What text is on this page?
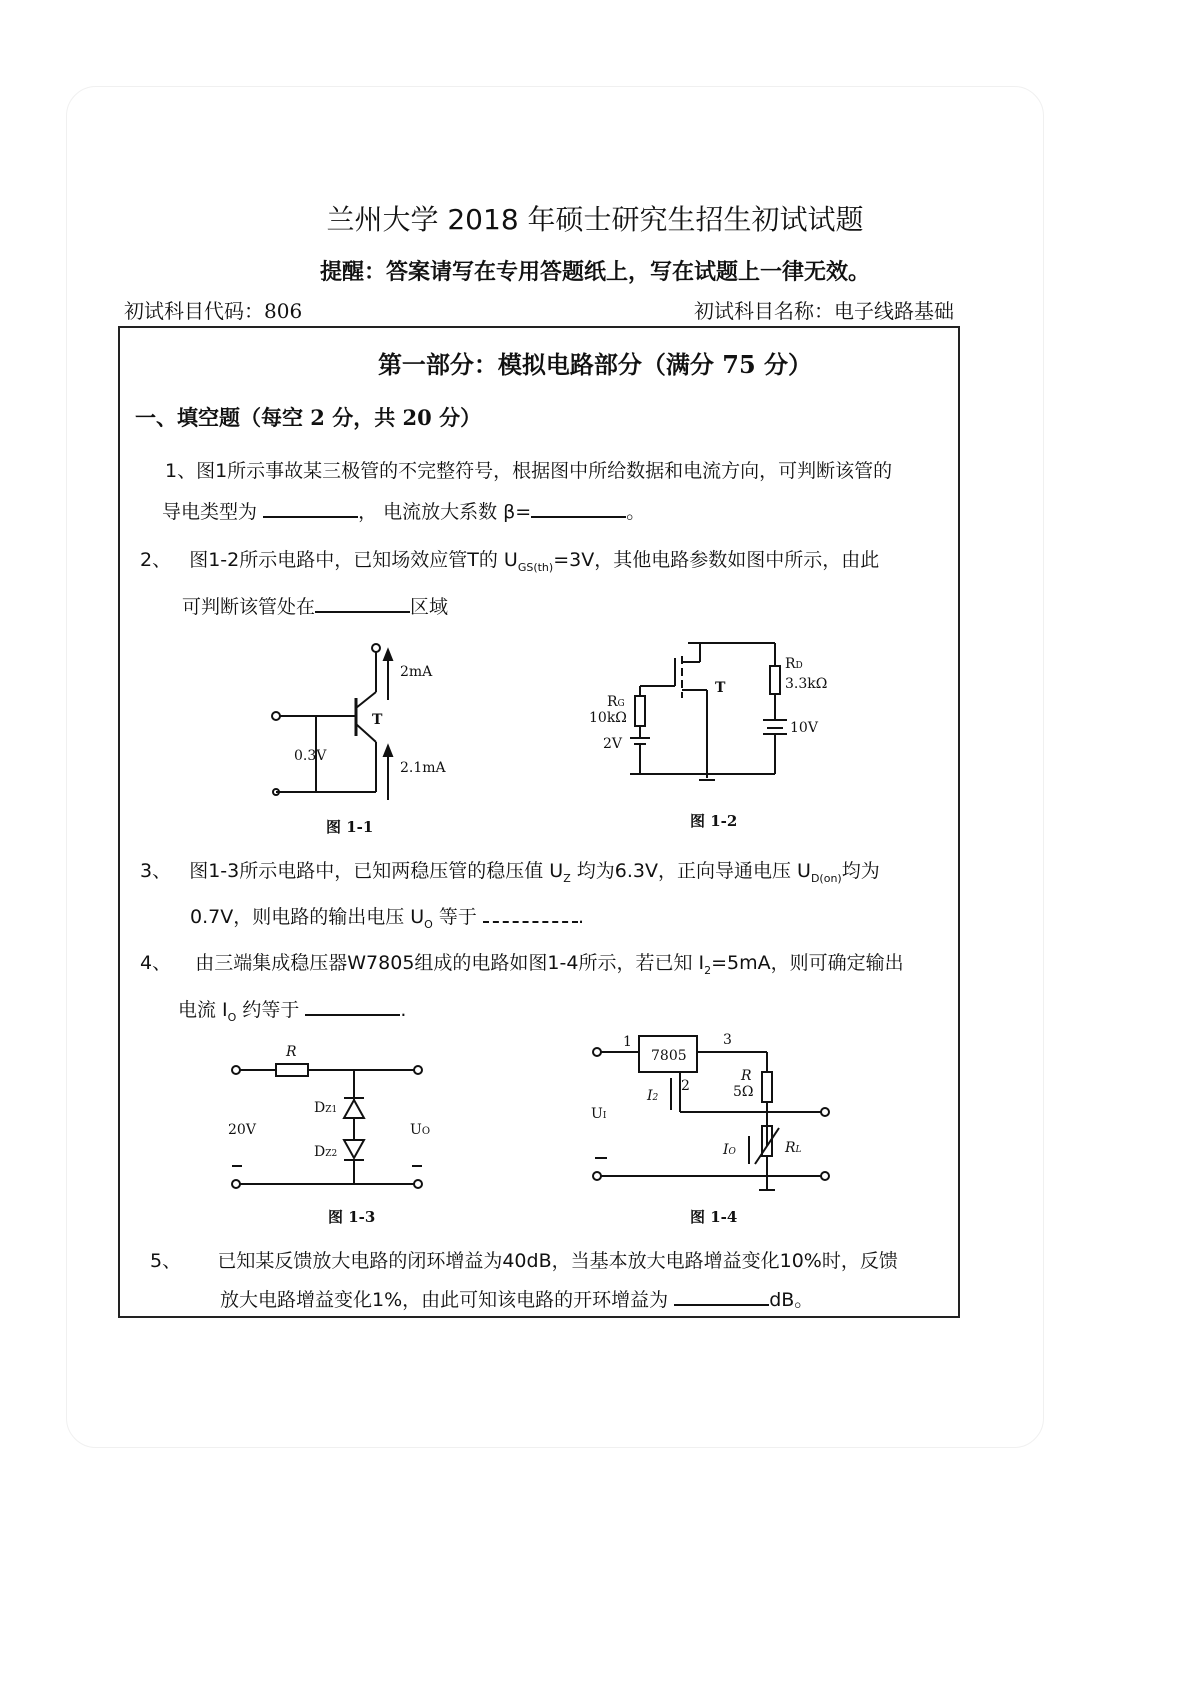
兰州大学 2018 年硕士研究生招生初试试题
提醒：答案请写在专用答题纸上，写在试题上一律无效。
初试科目代码：806	初试科目名称：电子线路基础
第一部分：模拟电路部分（满分 75 分）
一、填空题（每空 2 分，共 20 分）
1、图1所示事故某三极管的不完整符号，根据图中所给数据和电流方向，可判断该管的
导电类型为	， 电流放大系数 β=	。
2、 图1-2所示电路中，已知场效应管T的 $U_{GS(th)}=3V$，其他电路参数如图中所示，由此
可判断该管处在	区域
2mA
2.1mA
0.3V
T
图 1-1
T
RG
10kΩ
2V
RD
3.3kΩ
10V
图 1-2
3、 图1-3所示电路中，已知两稳压管的稳压值 $U_Z$ 均为6.3V，正向导通电压 $U_{D(on)}$均为
0.7V，则电路的输出电压 $U_O$ 等于	.
4、 由三端集成稳压器W7805组成的电路如图1-4所示，若已知 $I_2=5mA$，则可确定输出
电流 $I_O$ 约等于	.
R
DZ1
DZ2
20V	UO
图 1-3
7805
1
2
3
I2
R
5Ω
UI
IO	RL
图 1-4
5、 已知某反馈放大电路的闭环增益为40dB，当基本放大电路增益变化10%时，反馈
放大电路增益变化1%，由此可知该电路的开环增益为	dB。
